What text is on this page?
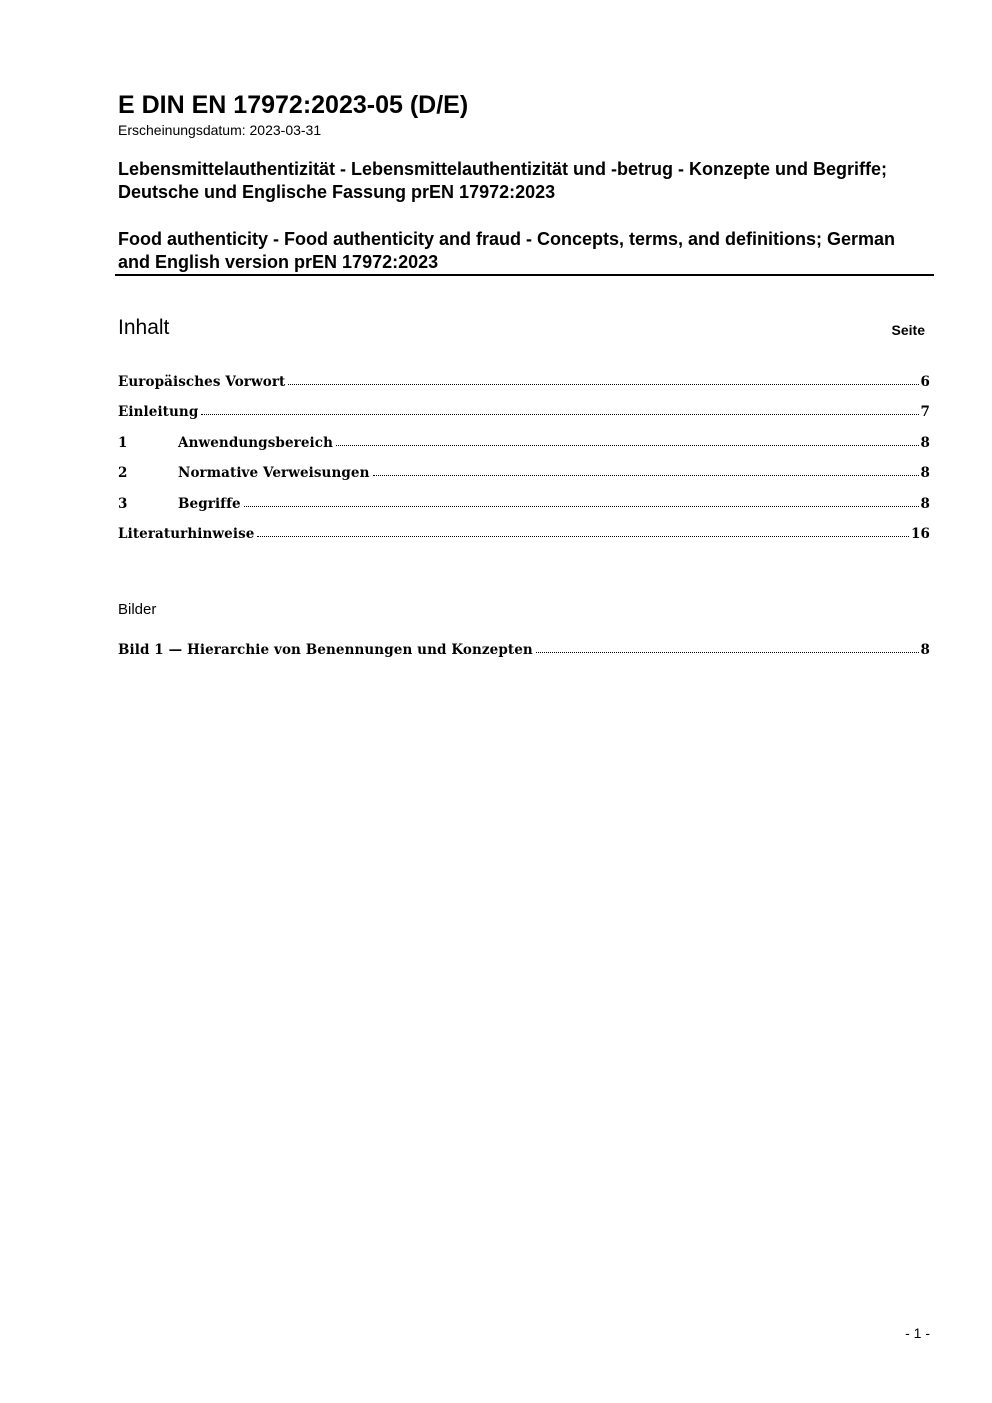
E DIN EN 17972:2023-05 (D/E)
Erscheinungsdatum: 2023-03-31
Lebensmittelauthentizität - Lebensmittelauthentizität und -betrug - Konzepte und Begriffe; Deutsche und Englische Fassung prEN 17972:2023
Food authenticity - Food authenticity and fraud - Concepts, terms, and definitions; German and English version prEN 17972:2023
Inhalt	Seite
Europäisches Vorwort	6
Einleitung	7
1	Anwendungsbereich	8
2	Normative Verweisungen	8
3	Begriffe	8
Literaturhinweise	16
Bilder
Bild 1 — Hierarchie von Benennungen und Konzepten	8
- 1 -
